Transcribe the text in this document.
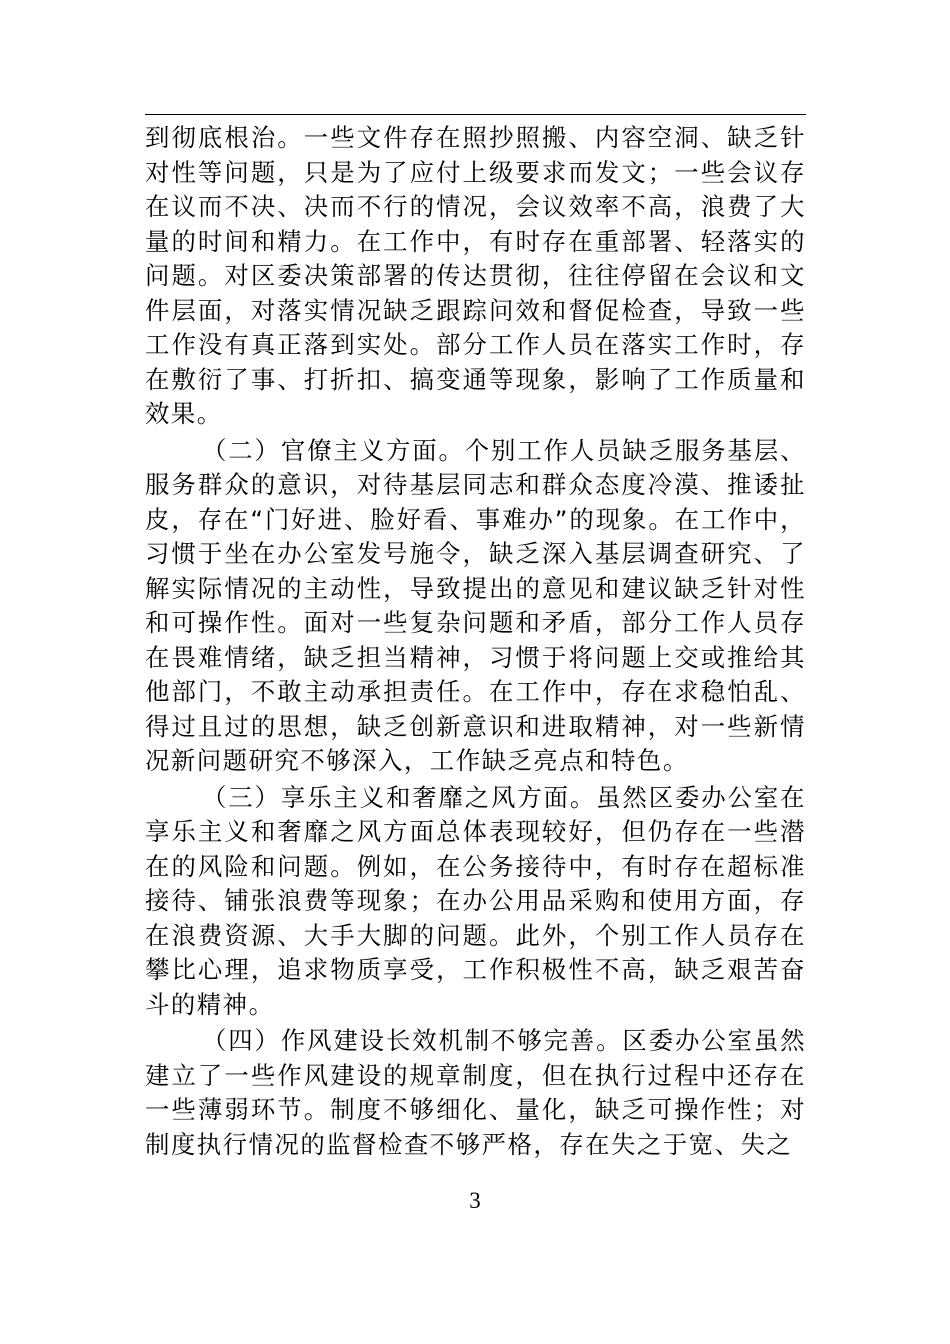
到彻底根治。一些文件存在照抄照搬、内容空洞、缺乏针对性等问题，只是为了应付上级要求而发文；一些会议存在议而不决、决而不行的情况，会议效率不高，浪费了大量的时间和精力。在工作中，有时存在重部署、轻落实的问题。对区委决策部署的传达贯彻，往往停留在会议和文件层面，对落实情况缺乏跟踪问效和督促检查，导致一些工作没有真正落到实处。部分工作人员在落实工作时，存在敷衍了事、打折扣、搞变通等现象，影响了工作质量和效果。

（二）官僚主义方面。个别工作人员缺乏服务基层、服务群众的意识，对待基层同志和群众态度冷漠、推诿扯皮，存在“门好进、脸好看、事难办”的现象。在工作中，习惯于坐在办公室发号施令，缺乏深入基层调查研究、了解实际情况的主动性，导致提出的意见和建议缺乏针对性和可操作性。面对一些复杂问题和矛盾，部分工作人员存在畏难情绪，缺乏担当精神，习惯于将问题上交或推给其他部门，不敢主动承担责任。在工作中，存在求稳怕乱、得过且过的思想，缺乏创新意识和进取精神，对一些新情况新问题研究不够深入，工作缺乏亮点和特色。

（三）享乐主义和奢靡之风方面。虽然区委办公室在享乐主义和奢靡之风方面总体表现较好，但仍存在一些潜在的风险和问题。例如，在公务接待中，有时存在超标准接待、铺张浪费等现象；在办公用品采购和使用方面，存在浪费资源、大手大脚的问题。此外，个别工作人员存在攀比心理，追求物质享受，工作积极性不高，缺乏艰苦奋斗的精神。

（四）作风建设长效机制不够完善。区委办公室虽然建立了一些作风建设的规章制度，但在执行过程中还存在一些薄弱环节。制度不够细化、量化，缺乏可操作性；对制度执行情况的监督检查不够严格，存在失之于宽、失之

3
